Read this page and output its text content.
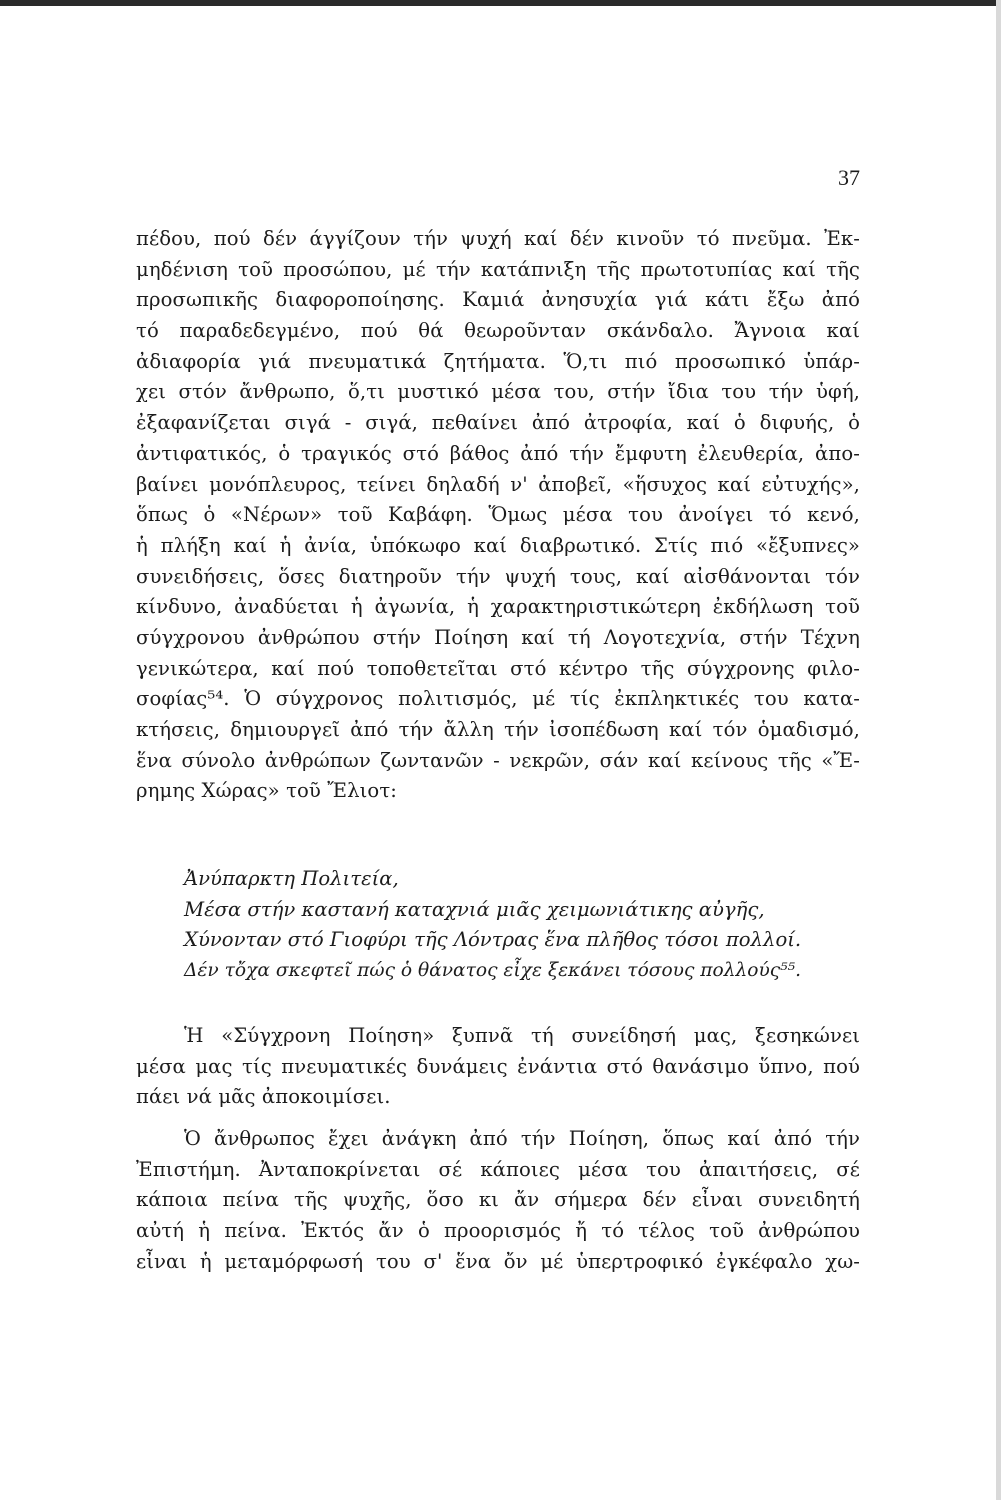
37
πέδου, πού δέν άγγίζουν τήν ψυχή καί δέν κινοῦν τό πνεῦμα. Ἐκ-
μηδένιση τοῦ προσώπου, μέ τήν κατάπνιξη τῆς πρωτοτυπίας καί τῆς
προσωπικῆς διαφοροποίησης. Καμιά ἀνησυχία γιά κάτι ἔξω ἀπό
τό παραδεδεγμένο, πού θά θεωροῦνταν σκάνδαλο. Ἄγνοια καί
ἀδιαφορία γιά πνευματικά ζητήματα. Ὅ,τι πιό προσωπικό ὑπάρ-
χει στόν ἄνθρωπο, ὅ,τι μυστικό μέσα του, στήν ἴδια του τήν ὑφή,
ἐξαφανίζεται σιγά - σιγά, πεθαίνει ἀπό ἀτροφία, καί ὁ διφυής, ὁ
ἀντιφατικός, ὁ τραγικός στό βάθος ἀπό τήν ἔμφυτη ἐλευθερία, ἀπο-
βαίνει μονόπλευρος, τείνει δηλαδή ν' ἀποβεῖ, «ἥσυχος καί εὐτυχής»,
ὅπως ὁ «Νέρων» τοῦ Καβάφη. Ὅμως μέσα του ἀνοίγει τό κενό,
ἡ πλήξη καί ἡ ἀνία, ὑπόκωφο καί διαβρωτικό. Στίς πιό «ἔξυπνες»
συνειδήσεις, ὅσες διατηροῦν τήν ψυχή τους, καί αἰσθάνονται τόν
κίνδυνο, ἀναδύεται ἡ ἀγωνία, ἡ χαρακτηριστικώτερη ἐκδήλωση τοῦ
σύγχρονου ἀνθρώπου στήν Ποίηση καί τή Λογοτεχνία, στήν Τέχνη
γενικώτερα, καί πού τοποθετεῖται στό κέντρο τῆς σύγχρονης φιλο-
σοφίας⁵⁴. Ὁ σύγχρονος πολιτισμός, μέ τίς ἐκπληκτικές του κατα-
κτήσεις, δημιουργεῖ ἀπό τήν ἄλλη τήν ἰσοπέδωση καί τόν ὁμαδισμό,
ἕνα σύνολο ἀνθρώπων ζωντανῶν - νεκρῶν, σάν καί κείνους τῆς «Ἔ-
ρημης Χώρας» τοῦ Ἔλιοτ:
Ἀνύπαρκτη Πολιτεία,
Μέσα στήν καστανή καταχνιά μιᾶς χειμωνιάτικης αὐγῆς,
Χύνονταν στό Γιοφύρι τῆς Λόντρας ἕνα πλῆθος τόσοι πολλοί.
Δέν τὄχα σκεφτεῖ πώς ὁ θάνατος εἶχε ξεκάνει τόσους πολλούς⁵⁵.
Ἡ «Σύγχρονη Ποίηση» ξυπνᾶ τή συνείδησή μας, ξεσηκώνει
μέσα μας τίς πνευματικές δυνάμεις ἐνάντια στό θανάσιμο ὕπνο, πού
πάει νά μᾶς ἀποκοιμίσει.
Ὁ ἄνθρωπος ἔχει ἀνάγκη ἀπό τήν Ποίηση, ὅπως καί ἀπό τήν
Ἐπιστήμη. Ἀνταποκρίνεται σέ κάποιες μέσα του ἀπαιτήσεις, σέ
κάποια πείνα τῆς ψυχῆς, ὅσο κι ἄν σήμερα δέν εἶναι συνειδητή
αὐτή ἡ πείνα. Ἐκτός ἄν ὁ προορισμός ἤ τό τέλος τοῦ ἀνθρώπου
εἶναι ἡ μεταμόρφωσή του σ' ἕνα ὄν μέ ὑπερτροφικό ἐγκέφαλο χω-
